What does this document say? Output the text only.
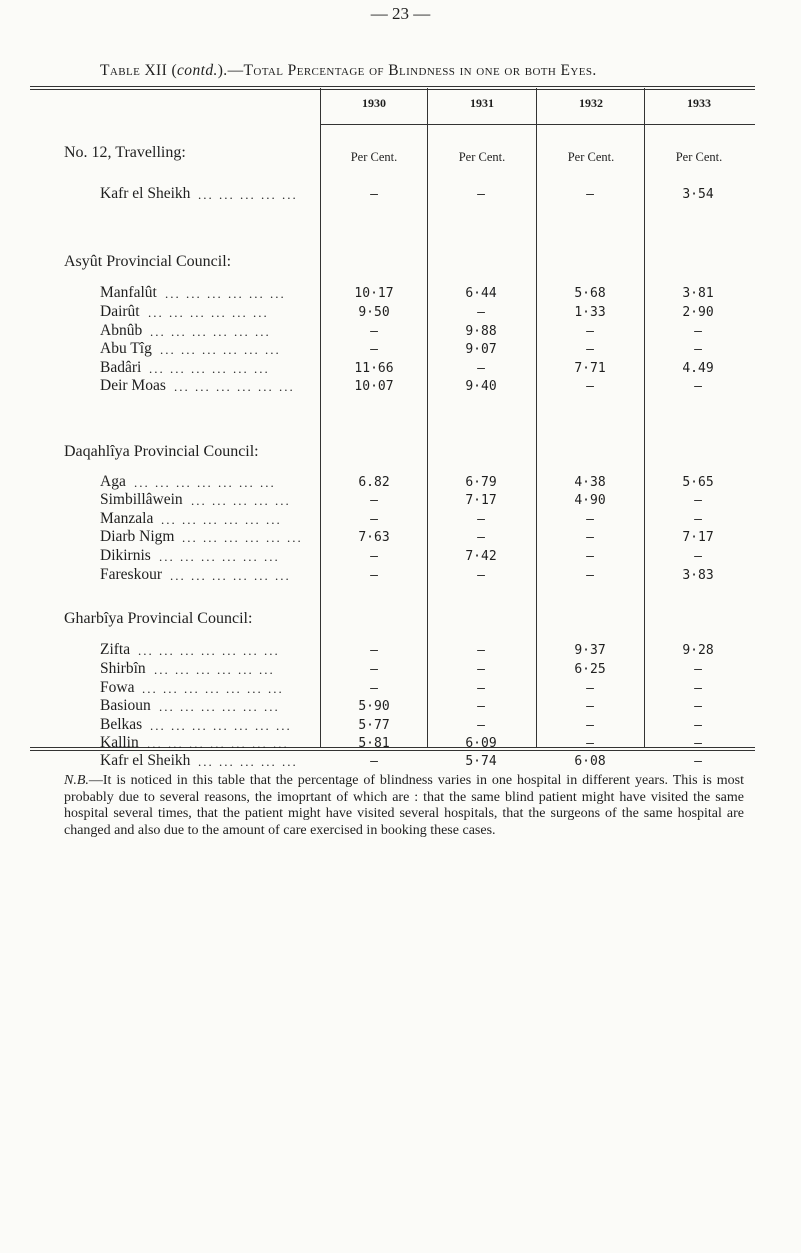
— 23 —
Table XII (contd.).—Total Percentage of Blindness in one or both Eyes.
1930	1931	1932	1933
Per Cent.	Per Cent.	Per Cent.	Per Cent.
No. 12, Travelling:
Asyût Provincial Council:
Daqahlîya Provincial Council:
Gharbîya Provincial Council:
Kafr el Sheikh ... ... ... ... ...	—	—	—	3·54
Manfalût ... ... ... ... ... ...	10·17	6·44	5·68	3·81
Dairût ... ... ... ... ... ...	9·50	—	1·33	2·90
Abnûb ... ... ... ... ... ...	—	9·88	—	—
Abu Tîg ... ... ... ... ... ...	—	9·07	—	—
Badâri ... ... ... ... ... ...	11·66	—	7·71	4.49
Deir Moas ... ... ... ... ... ...	10·07	9·40	—	—
Aga ... ... ... ... ... ... ...	6.82	6·79	4·38	5·65
Simbillâwein ... ... ... ... ...	—	7·17	4·90	—
Manzala ... ... ... ... ... ...	—	—	—	—
Diarb Nigm ... ... ... ... ... ...	7·63	—	—	7·17
Dikirnis ... ... ... ... ... ...	—	7·42	—	—
Fareskour ... ... ... ... ... ...	—	—	—	3·83
Zifta ... ... ... ... ... ... ...	—	—	9·37	9·28
Shirbîn ... ... ... ... ... ...	—	—	6·25	—
Fowa ... ... ... ... ... ... ...	—	—	—	—
Basioun ... ... ... ... ... ...	5·90	—	—	—
Belkas ... ... ... ... ... ... ...	5·77	—	—	—
Kallin ... ... ... ... ... ... ...	5·81	6·09	—	—
Kafr el Sheikh ... ... ... ... ...	—	5·74	6·08	—
N.B.—It is noticed in this table that the percentage of blindness varies in one hospital in different years. This is most probably due to several reasons, the imoprtant of which are : that the same blind patient might have visited the same hospital several times, that the patient might have visited several hospitals, that the surgeons of the same hospital are changed and also due to the amount of care exercised in booking these cases.
